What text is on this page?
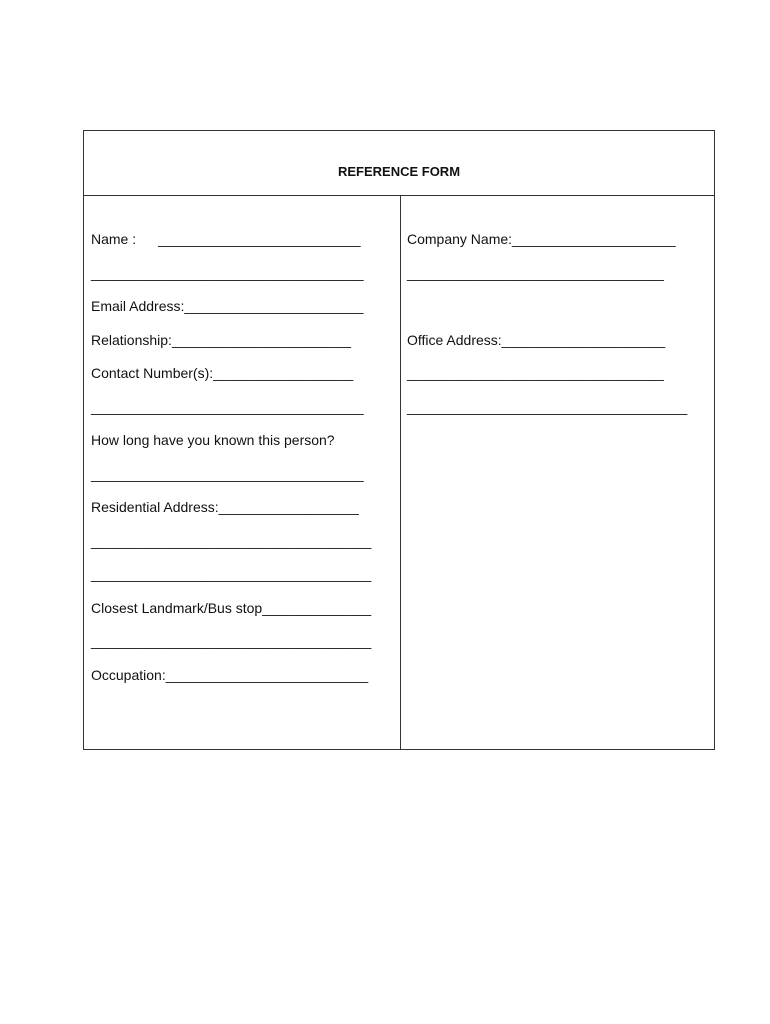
REFERENCE FORM
Name : __________________________
___________________________________
Email Address:_______________________
Relationship:_______________________
Contact Number(s):__________________
___________________________________
How long have you known this person?
___________________________________
Residential Address:__________________
____________________________________
____________________________________
Closest Landmark/Bus stop______________
____________________________________
Occupation:__________________________
Company Name:_____________________
_________________________________
Office Address:_____________________
_________________________________
____________________________________
